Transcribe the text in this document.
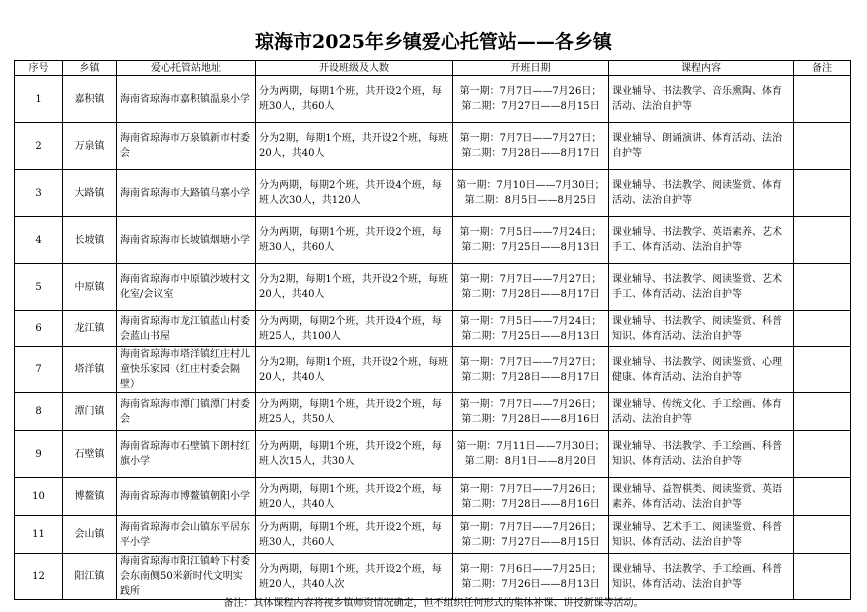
琼海市2025年乡镇爱心托管站——各乡镇
序号	乡镇	爱心托管站地址	开设班级及人数	开班日期	课程内容	备注
1	嘉积镇	海南省琼海市嘉积镇温泉小学	分为两期，每期1个班，共开设2个班，每班30人，共60人	第一期：7月7日——7月26日；
第二期：7月27日——8月15日	课业辅导、书法教学、音乐熏陶、体育活动、法治自护等	
2	万泉镇	海南省琼海市万泉镇新市村委会	分为2期，每期1个班，共开设2个班，每班20人，共40人	第一期：7月7日——7月27日；
第二期：7月28日——8月17日	课业辅导、朗诵演讲、体育活动、法治自护等	
3	大路镇	海南省琼海市大路镇马寨小学	分为两期，每期2个班，共开设4个班，每班人次30人，共120人	第一期：7月10日——7月30日；
第二期：8月5日——8月25日	课业辅导、书法教学、阅读鉴赏、体育活动、法治自护等	
4	长坡镇	海南省琼海市长坡镇烟塘小学	分为两期，每期1个班，共开设2个班，每班30人，共60人	第一期：7月5日——7月24日；
第二期：7月25日——8月13日	课业辅导、书法教学、英语素养、艺术手工、体育活动、法治自护等	
5	中原镇	海南省琼海市中原镇沙坡村文化室/会议室	分为2期，每期1个班，共开设2个班，每班20人，共40人	第一期：7月7日——7月27日；
第二期：7月28日——8月17日	课业辅导、书法教学、阅读鉴赏、艺术手工、体育活动、法治自护等	
6	龙江镇	海南省琼海市龙江镇蓝山村委会蓝山书屋	分为两期，每期2个班，共开设4个班，每班25人，共100人	第一期：7月5日——7月24日；
第二期：7月25日——8月13日	课业辅导、书法教学、阅读鉴赏、科普知识、体育活动、法治自护等	
7	塔洋镇	海南省琼海市塔洋镇红庄村儿童快乐家园（红庄村委会隔壁）	分为2期，每期1个班，共开设2个班，每班20人，共40人	第一期：7月7日——7月27日；
第二期：7月28日——8月17日	课业辅导、书法教学、阅读鉴赏、心理健康、体育活动、法治自护等	
8	潭门镇	海南省琼海市潭门镇潭门村委会	分为两期，每期1个班，共开设2个班，每班25人，共50人	第一期：7月7日——7月26日；
第二期：7月28日——8月16日	课业辅导、传统文化、手工绘画、体育活动、法治自护等	
9	石壁镇	海南省琼海市石壁镇下朗村红旗小学	分为两期，每期1个班，共开设2个班，每班人次15人，共30人	第一期：7月11日——7月30日；
第二期：8月1日——8月20日	课业辅导、书法教学、手工绘画、科普知识、体育活动、法治自护等	
10	博鳌镇	海南省琼海市博鳌镇朝阳小学	分为两期，每期1个班，共开设2个班，每班20人，共40人	第一期：7月7日——7月26日；
第二期：7月28日——8月16日	课业辅导、益智棋类、阅读鉴赏、英语素养、体育活动、法治自护等	
11	会山镇	海南省琼海市会山镇东平居东平小学	分为两期，每期1个班，共开设2个班，每班30人，共60人	第一期：7月7日——7月26日；
第二期：7月27日——8月15日	课业辅导、艺术手工、阅读鉴赏、科普知识、体育活动、法治自护等	
12	阳江镇	海南省琼海市阳江镇岭下村委会东南侧50米新时代文明实践所	分为两期，每期1个班，共开设2个班，每班20人，共40人次	第一期：7月6日——7月25日；
第二期：7月26日——8月13日	课业辅导、书法教学、手工绘画、科普知识、体育活动、法治自护等	
备注：具体课程内容将视乡镇师资情况确定，但不组织任何形式的集体补课、讲授新课等活动。
